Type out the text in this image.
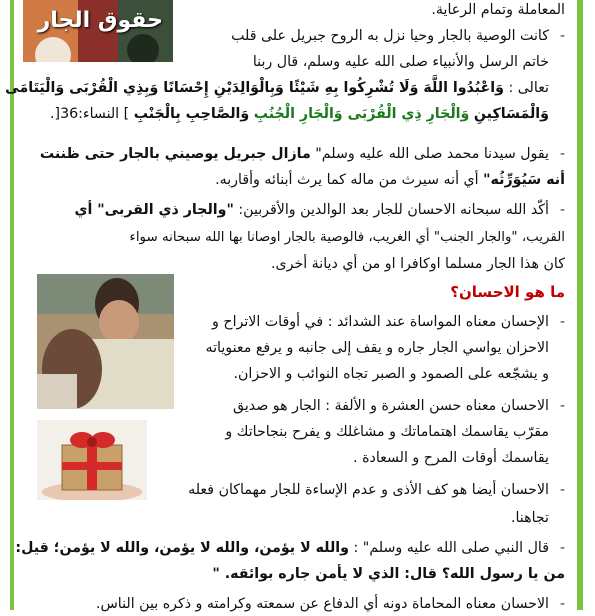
حقوق الجار	المعاملة وتمام الرعاية.
-
كانت الوصية بالجار وحيا نزل به الروح جبريل على قلب
خاتم الرسل والأنبياء صلى الله عليه وسلم، قال ربنا
تعالى : وَاعْبُدُوا اللَّهَ وَلَا تُشْرِكُوا بِهِ شَيْئًا وَبِالْوَالِدَيْنِ إِحْسَانًا وَبِذِي الْقُرْبَى وَالْيَتَامَى
وَالْمَسَاكِينِ وَالْجَارِ ذِي الْقُرْبَى وَالْجَارِ الْجُنُبِ وَالصَّاحِبِ بِالْجَنْبِ ] النساء:36[.
-
يقول سيدنا محمد صلى الله عليه وسلم" مازال جبريل يوصيني بالجار حتى ظننت
أنه سَيُوَرِّثُه" أي أنه سيرث من ماله كما يرث أبنائه وأقاربه.
-
أكّد الله سبحانه الاحسان للجار بعد الوالدين والأقربين: "والجار ذي القربى" أي
القريب، "والجار الجنب" أي الغريب، فالوصية بالجار اوصانا بها الله سبحانه سواء
كان هذا الجار مسلما اوكافرا او من أي ديانة أخرى.
ما هو الاحسان؟
-
الإحسان معناه المواساة عند الشدائد : في أوقات الاتراح و
الاحزان يواسي الجار جاره و يقف إلى جانبه و يرفع معنوياته
و يشجّعه على الصمود و الصبر تجاه النوائب و الاحزان.
-
الاحسان معناه حسن العشرة و الألفة : الجار هو صديق
مقرّب يقاسمك اهتماماتك و مشاغلك و يفرح بنجاحاتك و
يقاسمك أوقات المرح و السعادة .
-
الاحسان أيضا هو كف الأذى و عدم الإساءة للجار مهماكان فعله
تجاهنا.
-
قال النبي صلى الله عليه وسلم" : والله لا يؤمن، والله لا يؤمن، والله لا يؤمن؛ قيل:
من يا رسول الله؟ قال: الذي لا يأمن جاره بوائقه. "
-
الاحسان معناه المحاماة دونه أي الدفاع عن سمعته وكرامته و ذكره بين الناس.
